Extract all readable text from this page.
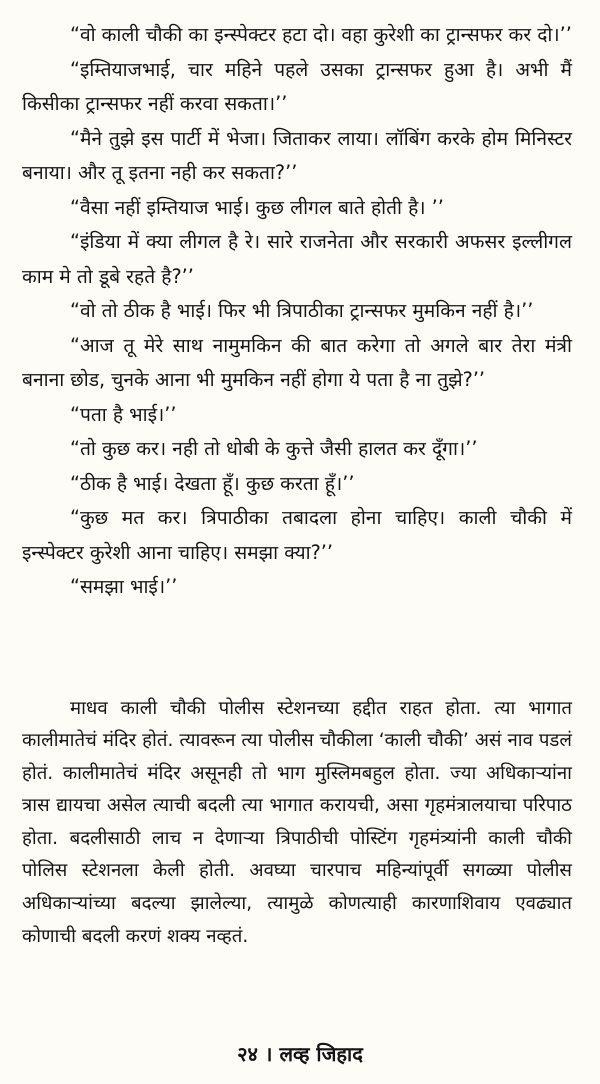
“वो काली चौकी का इन्स्पेक्टर हटा दो। वहा कुरेशी का ट्रान्सफर कर दो।’’

“इम्तियाजभाई, चार महिने पहले उसका ट्रान्सफर हुआ है। अभी मैं किसीका ट्रान्सफर नहीं करवा सकता।’’

“मैने तुझे इस पार्टी में भेजा। जिताकर लाया। लॉबिंग करके होम मिनिस्टर बनाया। और तू इतना नही कर सकता?’’

“वैसा नहीं इम्तियाज भाई। कुछ लीगल बाते होती है। ’’

“इंडिया में क्या लीगल है रे। सारे राजनेता और सरकारी अफसर इल्लीगल काम मे तो डूबे रहते है?’’

“वो तो ठीक है भाई। फिर भी त्रिपाठीका ट्रान्सफर मुमकिन नहीं है।’’

“आज तू मेरे साथ नामुमकिन की बात करेगा तो अगले बार तेरा मंत्री बनाना छोड, चुनके आना भी मुमकिन नहीं होगा ये पता है ना तुझे?’’

“पता है भाई।’’

“तो कुछ कर। नही तो धोबी के कुत्ते जैसी हालत कर दूँगा।’’

“ठीक है भाई। देखता हूँ। कुछ करता हूँ।’’

“कुछ मत कर। त्रिपाठीका तबादला होना चाहिए। काली चौकी में इन्स्पेक्टर कुरेशी आना चाहिए। समझा क्या?’’

“समझा भाई।’’

माधव काली चौकी पोलीस स्टेशनच्या हद्दीत राहत होता. त्या भागात कालीमातेचं मंदिर होतं. त्यावरून त्या पोलीस चौकीला ‘काली चौकी’ असं नाव पडलं होतं. कालीमातेचं मंदिर असूनही तो भाग मुस्लिमबहुल होता. ज्या अधिकाऱ्यांना त्रास द्यायचा असेल त्याची बदली त्या भागात करायची, असा गृहमंत्रालयाचा परिपाठ होता. बदलीसाठी लाच न देणाऱ्या त्रिपाठीची पोस्टिंग गृहमंत्र्यांनी काली चौकी पोलिस स्टेशनला केली होती. अवघ्या चारपाच महिन्यांपूर्वी सगळ्या पोलीस अधिकाऱ्यांच्या बदल्या झालेल्या, त्यामुळे कोणत्याही कारणाशिवाय एवढ्यात कोणाची बदली करणं शक्य नव्हतं.

२४ । लव्ह जिहाद
